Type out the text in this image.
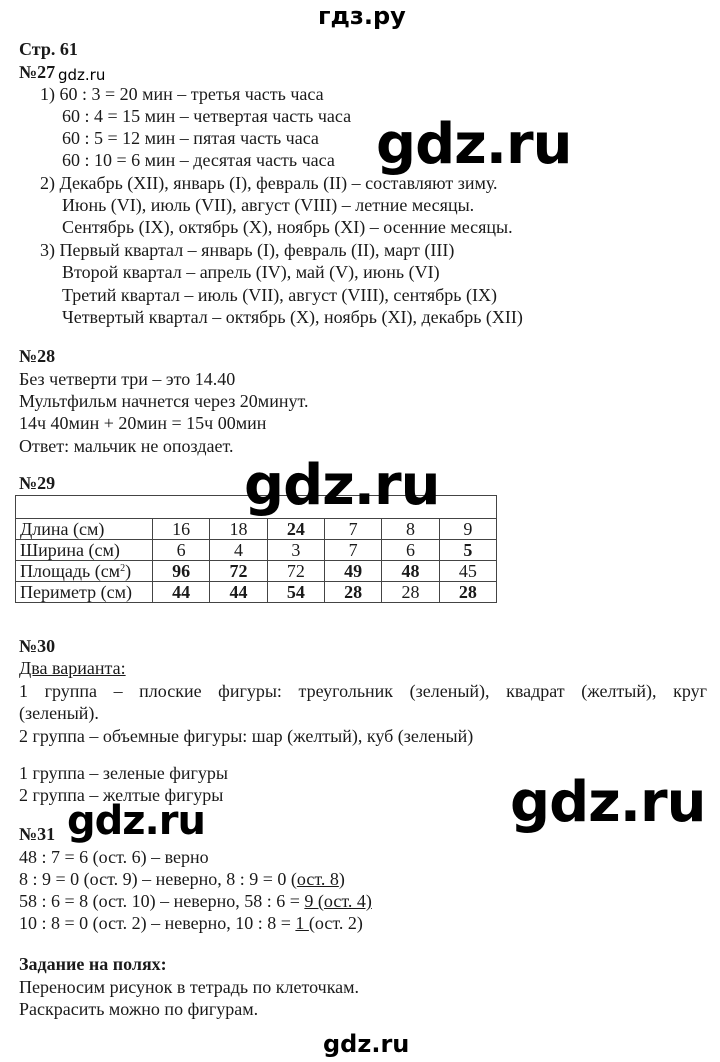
гдз.ру
Стр. 61
№27 gdz.ru
1) 60 : 3 = 20 мин – третья часть часа
60 : 4 = 15 мин – четвертая часть часа
60 : 5 = 12 мин – пятая часть часа
60 : 10 = 6 мин – десятая часть часа
2) Декабрь (XII), январь (I), февраль (II) – составляют зиму.
Июнь (VI), июль (VII), август (VIII) – летние месяцы.
Сентябрь (IX), октябрь (X), ноябрь (XI) – осенние месяцы.
3) Первый квартал – январь (I), февраль (II), март (III)
Второй квартал – апрель (IV), май (V), июнь (VI)
Третий квартал – июль (VII), август (VIII), сентябрь (IX)
Четвертый квартал – октябрь (X), ноябрь (XI), декабрь (XII)
gdz.ru
№28
Без четверти три – это 14.40
Мультфильм начнется через 20минут.
14ч 40мин + 20мин = 15ч 00мин
Ответ: мальчик не опоздает.
№29

Длина (см)	16	18	24	7	8	9
Ширина (см)	6	4	3	7	6	5
Площадь $(см^2)$	96	72	72	49	48	45
Периметр (см)	44	44	54	28	28	28
gdz.ru
№30
Два варианта:
1 группа – плоские фигуры: треугольник (зеленый), квадрат (желтый), круг
(зеленый).
2 группа – объемные фигуры: шар (желтый), куб (зеленый)
1 группа – зеленые фигуры
2 группа – желтые фигуры	gdz.ru
№31 gdz.ru
48 : 7 = 6 (ост. 6) – верно
8 : 9 = 0 (ост. 9) – неверно, 8 : 9 = 0 (ост. 8)
58 : 6 = 8 (ост. 10) – неверно, 58 : 6 = 9 (ост. 4)
10 : 8 = 0 (ост. 2) – неверно, 10 : 8 = 1 (ост. 2)
Задание на полях:
Переносим рисунок в тетрадь по клеточкам.
Раскрасить можно по фигурам.
gdz.ru
